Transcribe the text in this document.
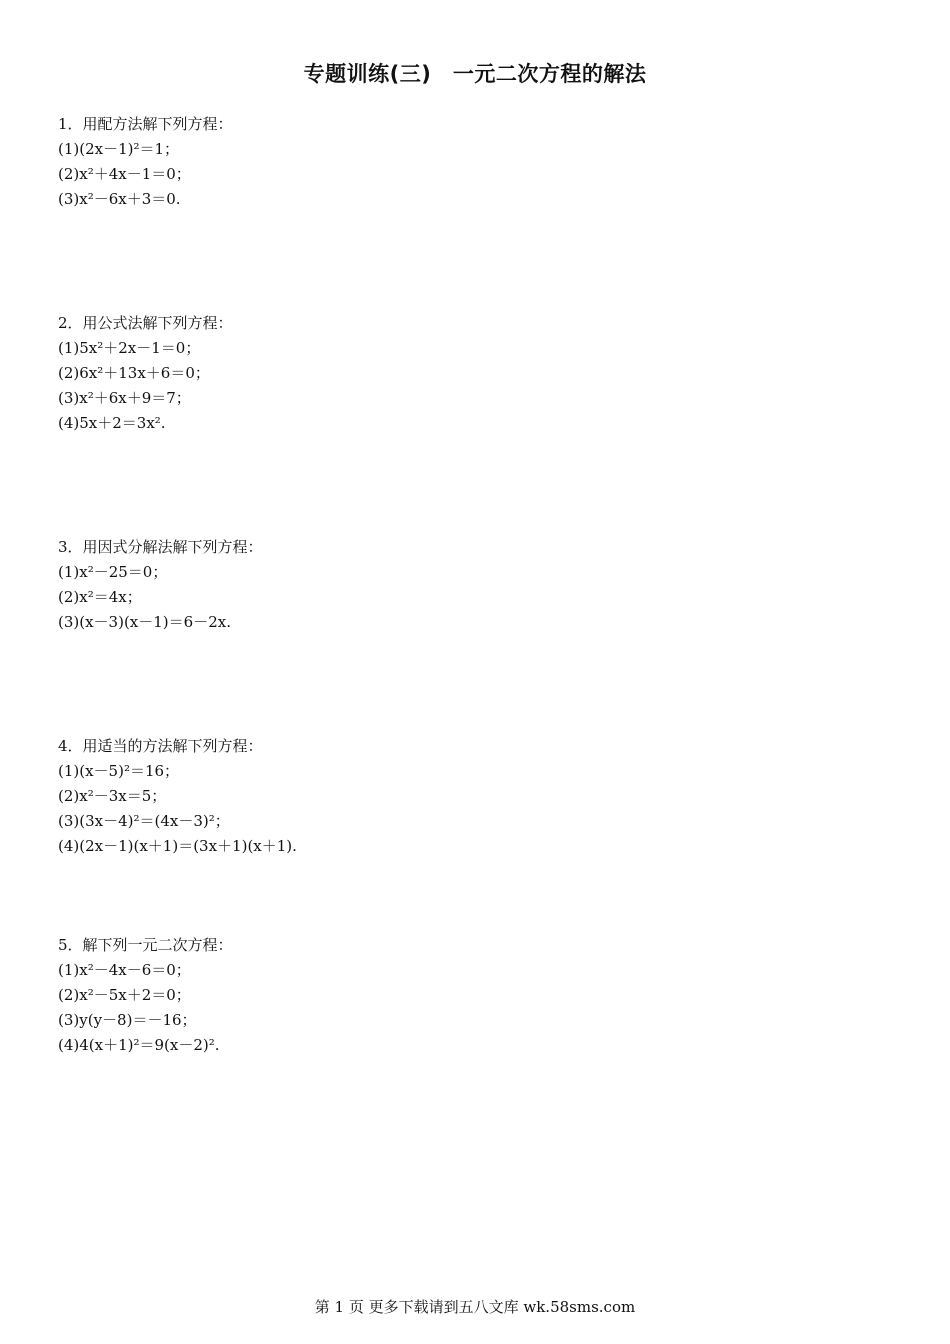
专题训练(三)　一元二次方程的解法
1．用配方法解下列方程：
(1)(2x－1)²＝1；
(2)x²＋4x－1＝0；
(3)x²－6x＋3＝0.
2．用公式法解下列方程：
(1)5x²＋2x－1＝0；
(2)6x²＋13x＋6＝0；
(3)x²＋6x＋9＝7；
(4)5x＋2＝3x².
3．用因式分解法解下列方程：
(1)x²－25＝0；
(2)x²＝4x；
(3)(x－3)(x－1)＝6－2x.
4．用适当的方法解下列方程：
(1)(x－5)²＝16；
(2)x²－3x＝5；
(3)(3x－4)²＝(4x－3)²；
(4)(2x－1)(x＋1)＝(3x＋1)(x＋1).
5．解下列一元二次方程：
(1)x²－4x－6＝0；
(2)x²－5x＋2＝0；
(3)y(y－8)＝－16；
(4)4(x＋1)²＝9(x－2)².
第 1 页 更多下载请到五八文库 wk.58sms.com
